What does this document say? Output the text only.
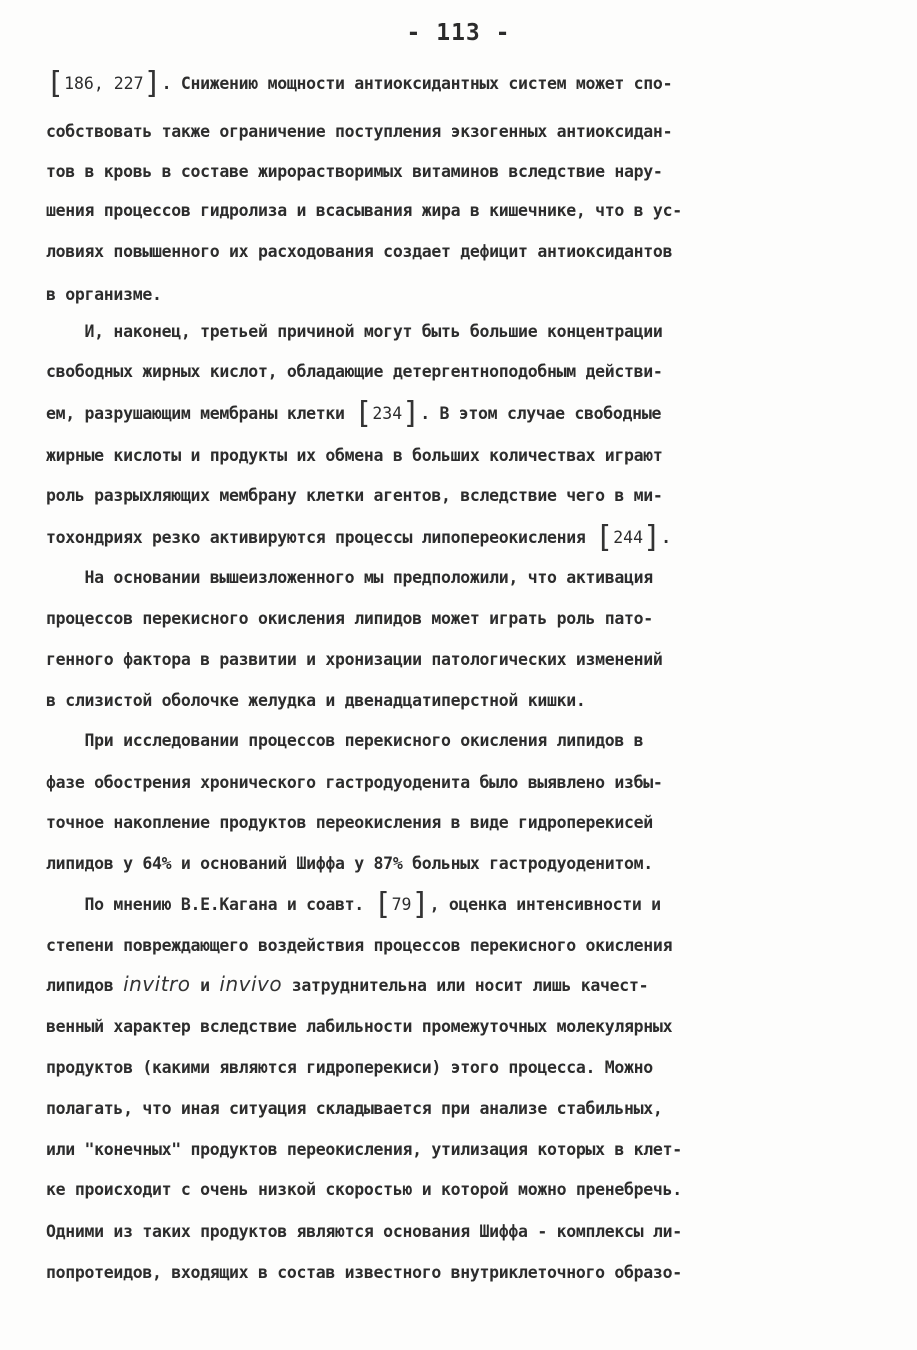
- 113 -
[186, 227]. Снижению мощности антиоксидантных систем может спо-
собствовать также ограничение поступления экзогенных антиоксидан-
тов в кровь в составе жирорастворимых витаминов вследствие нару-
шения процессов гидролиза и всасывания жира в кишечнике, что в ус-
ловиях повышенного их расходования создает дефицит антиоксидантов
в организме.
И, наконец, третьей причиной могут быть большие концентрации
свободных жирных кислот, обладающие детергентноподобным действи-
ем, разрушающим мембраны клетки [234]. В этом случае свободные
жирные кислоты и продукты их обмена в больших количествах играют
роль разрыхляющих мембрану клетки агентов, вследствие чего в ми-
тохондриях резко активируются процессы липопереокисления [244].
На основании вышеизложенного мы предположили, что активация
процессов перекисного окисления липидов может играть роль пато-
генного фактора в развитии и хронизации патологических изменений
в слизистой оболочке желудка и двенадцатиперстной кишки.
При исследовании процессов перекисного окисления липидов в
фазе обострения хронического гастродуоденита было выявлено избы-
точное накопление продуктов переокисления в виде гидроперекисей
липидов у 64% и оснований Шиффа у 87% больных гастродуоденитом.
По мнению В.Е.Кагана и соавт. [79], оценка интенсивности и
степени повреждающего воздействия процессов перекисного окисления
липидов invitro и invivo затруднительна или носит лишь качест-
венный характер вследствие лабильности промежуточных молекулярных
продуктов (какими являются гидроперекиси) этого процесса. Можно
полагать, что иная ситуация складывается при анализе стабильных,
или "конечных" продуктов переокисления, утилизация которых в клет-
ке происходит с очень низкой скоростью и которой можно пренебречь.
Одними из таких продуктов являются основания Шиффа - комплексы ли-
попротеидов, входящих в состав известного внутриклеточного образо-
